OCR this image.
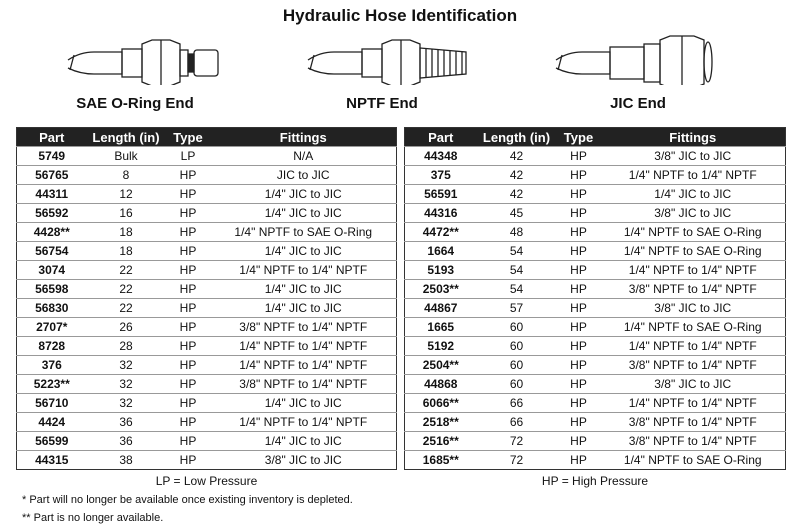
Hydraulic Hose Identification
SAE O-Ring End	NPTF End	JIC End
Part	Length (in)	Type	Fittings
5749	Bulk	LP	N/A
56765	8	HP	JIC to JIC
44311	12	HP	1/4" JIC to JIC
56592	16	HP	1/4" JIC to JIC
4428**	18	HP	1/4" NPTF to SAE O-Ring
56754	18	HP	1/4" JIC to JIC
3074	22	HP	1/4" NPTF to 1/4" NPTF
56598	22	HP	1/4" JIC to JIC
56830	22	HP	1/4" JIC to JIC
2707*	26	HP	3/8" NPTF to 1/4" NPTF
8728	28	HP	1/4" NPTF to 1/4" NPTF
376	32	HP	1/4" NPTF to 1/4" NPTF
5223**	32	HP	3/8" NPTF to 1/4" NPTF
56710	32	HP	1/4" JIC to JIC
4424	36	HP	1/4" NPTF to 1/4" NPTF
56599	36	HP	1/4" JIC to JIC
44315	38	HP	3/8" JIC to JIC
Part	Length (in)	Type	Fittings
44348	42	HP	3/8" JIC to JIC
375	42	HP	1/4" NPTF to 1/4" NPTF
56591	42	HP	1/4" JIC to JIC
44316	45	HP	3/8" JIC to JIC
4472**	48	HP	1/4" NPTF to SAE O-Ring
1664	54	HP	1/4" NPTF to SAE O-Ring
5193	54	HP	1/4" NPTF to 1/4" NPTF
2503**	54	HP	3/8" NPTF to 1/4" NPTF
44867	57	HP	3/8" JIC to JIC
1665	60	HP	1/4" NPTF to SAE O-Ring
5192	60	HP	1/4" NPTF to 1/4" NPTF
2504**	60	HP	3/8" NPTF to 1/4" NPTF
44868	60	HP	3/8" JIC to JIC
6066**	66	HP	1/4" NPTF to 1/4" NPTF
2518**	66	HP	3/8" NPTF to 1/4" NPTF
2516**	72	HP	3/8" NPTF to 1/4" NPTF
1685**	72	HP	1/4" NPTF to SAE O-Ring
LP = Low Pressure	HP = High Pressure
* Part will no longer be available once existing inventory is depleted.
** Part is no longer available.
